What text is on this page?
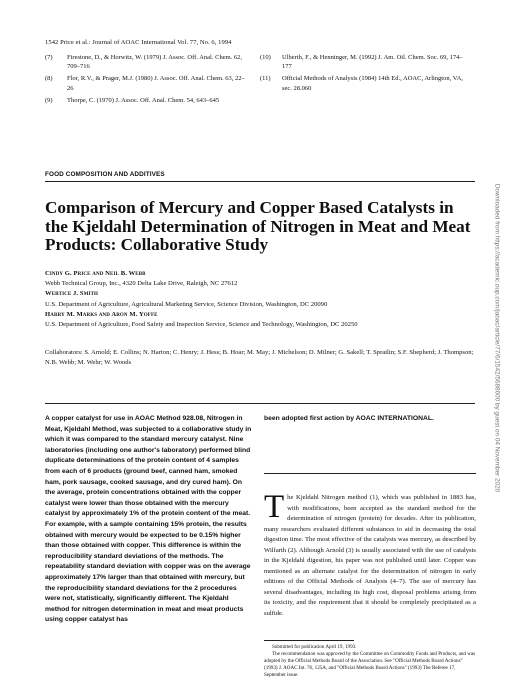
1542 Price et al.: Journal of AOAC International Vol. 77, No. 6, 1994
(7)	Firestone, D., & Horwitz, W. (1979) J. Assoc. Off. Anal. Chem. 62, 709–716
(8)	Flor, R.V., & Prager, M.J. (1980) J. Assoc. Off. Anal. Chem. 63, 22–26
(9)	Thorpe, C. (1970) J. Assoc. Off. Anal. Chem. 54, 643–645
(10)	Ulberth, F., & Henninger, M. (1992) J. Am. Oil. Chem. Soc. 69, 174–177
(11)	Official Methods of Analysis (1984) 14th Ed., AOAC, Arlington, VA, sec. 28.060
FOOD COMPOSITION AND ADDITIVES
Comparison of Mercury and Copper Based Catalysts in the Kjeldahl Determination of Nitrogen in Meat and Meat Products: Collaborative Study
Cindy G. Price and Neil B. Webb
Webb Technical Group, Inc., 4320 Delta Lake Drive, Raleigh, NC 27612
Wertice J. Smith
U.S. Department of Agriculture, Agricultural Marketing Service, Science Division, Washington, DC 20090
Harry M. Marks and Aron M. Yoffe
U.S. Department of Agriculture, Food Safety and Inspection Service, Science and Technology, Washington, DC 20250
Collaborators: S. Arnold; E. Collins; N. Harton; C. Henry; J. Hess; B. Hoar; M. May; J. Michelson; D. Milner; G. Sakell; T. Spratlin; S.F. Shepherd; J. Thompson; N.B. Webb; M. Wehr; W. Woods
A copper catalyst for use in AOAC Method 928.08, Nitrogen in Meat, Kjeldahl Method, was subjected to a collaborative study in which it was compared to the standard mercury catalyst. Nine laboratories (including one author's laboratory) performed blind duplicate determinations of the protein content of 4 samples from each of 6 products (ground beef, canned ham, smoked ham, pork sausage, cooked sausage, and dry cured ham). On the average, protein concentrations obtained with the copper catalyst were lower than those obtained with the mercury catalyst by approximately 1% of the protein content of the meat. For example, with a sample containing 15% protein, the results obtained with mercury would be expected to be 0.15% higher than those obtained with copper. This difference is within the reproducibility standard deviations of the methods. The repeatability standard deviation with copper was on the average approximately 17% larger than that obtained with mercury, but the reproducibility standard deviations for the 2 procedures were not, statistically, significantly different. The Kjeldahl method for nitrogen determination in meat and meat products using copper catalyst has
been adopted first action by AOAC INTERNATIONAL.
The Kjeldahl Nitrogen method (1), which was published in 1883 has, with modifications, been accepted as the standard method for the determination of nitrogen (protein) for decades. After its publication, many researchers evaluated different substances to aid in decreasing the total digestion time. The most effective of the catalysts was mercury, as described by Wilfarth (2). Although Arnold (3) is usually associated with the use of catalysts in the Kjeldahl digestion, his paper was not published until later. Copper was mentioned as an alternate catalyst for the determination of nitrogen in early editions of the Official Methods of Analysis (4–7). The use of mercury has several disadvantages, including its high cost, disposal problems arising from its toxicity, and the requirement that it should be completely precipitated as a sulfide.

Submitted for publication April 19, 1993.

The recommendation was approved by the Committee on Commodity Foods and Products, and was adopted by the Official Methods Board of the Association. See "Official Methods Board Actions" (1993) J. AOAC Int. 76, 125A, and "Official Methods Board Actions" (1993) The Referee 17, September issue.

Downloaded from https://academic.oup.com/jaoac/article/77/6/1542/5688600 by guest on 04 November 2020
